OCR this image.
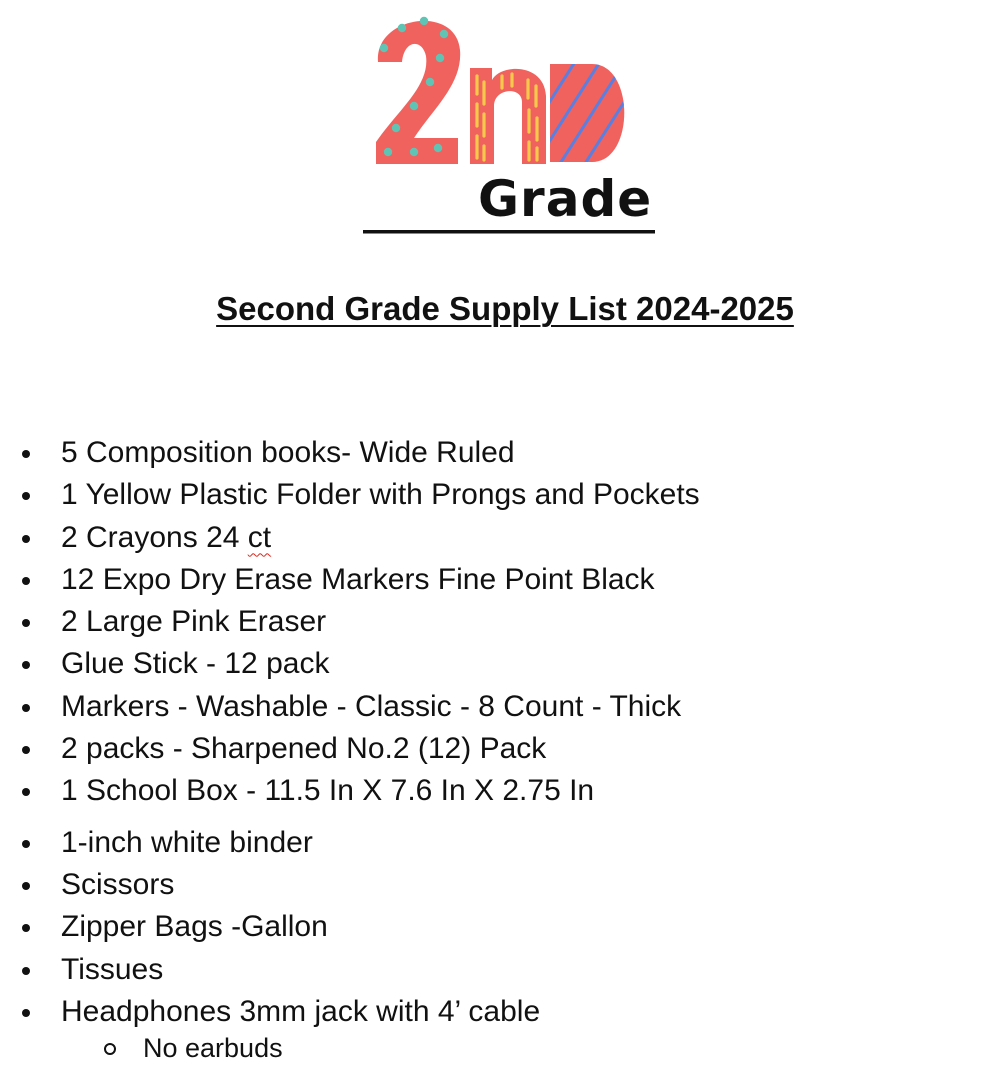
Grade
Second Grade Supply List 2024-2025
5 Composition books- Wide Ruled
1 Yellow Plastic Folder with Prongs and Pockets
2 Crayons 24 ct
12 Expo Dry Erase Markers Fine Point Black
2 Large Pink Eraser
Glue Stick - 12 pack
Markers - Washable - Classic - 8 Count - Thick
2 packs - Sharpened No.2 (12) Pack
1 School Box - 11.5 In X 7.6 In X 2.75 In
1-inch white binder
Scissors
Zipper Bags -Gallon
Tissues
Headphones 3mm jack with 4’ cable
No earbuds
